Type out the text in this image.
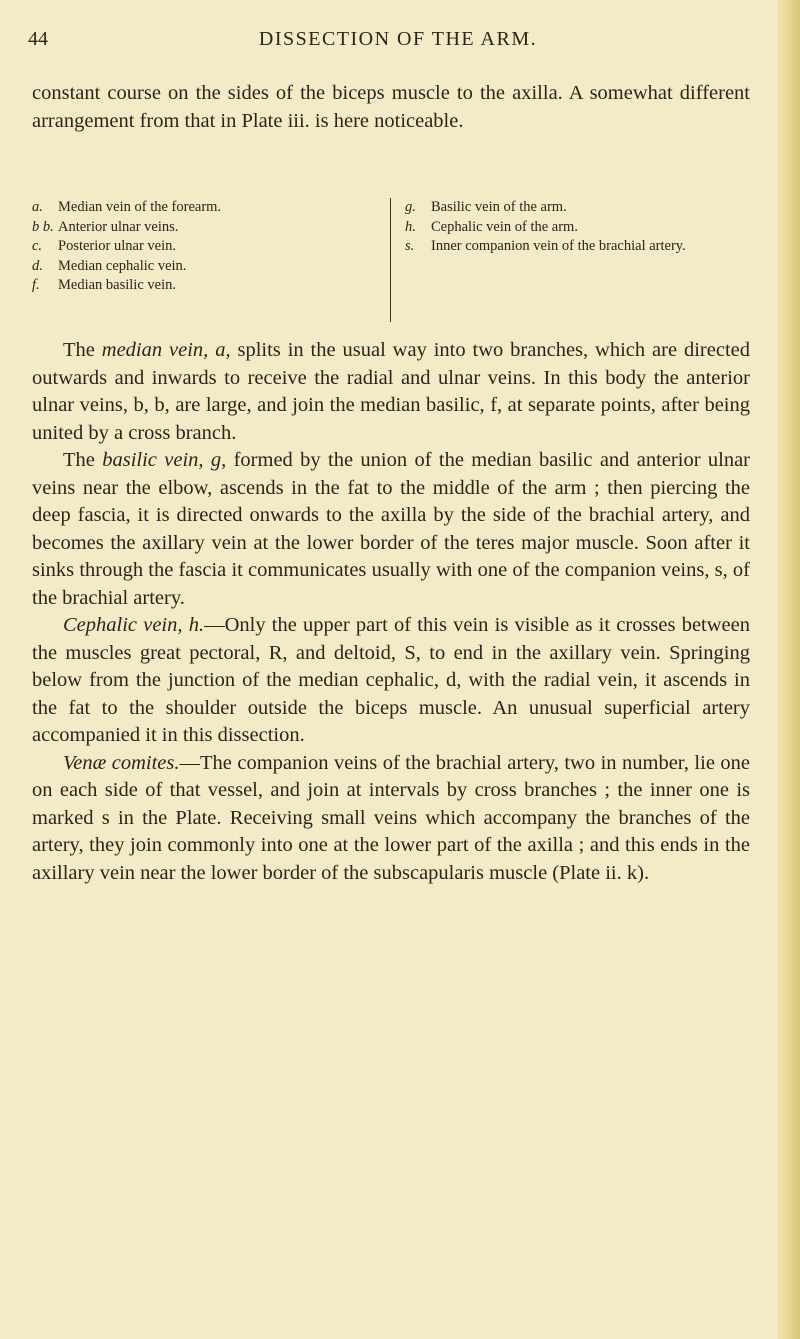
44	DISSECTION OF THE ARM.

constant course on the sides of the biceps muscle to the axilla. A somewhat different arrangement from that in Plate iii. is here noticeable.

a.	Median vein of the forearm.
b b. Anterior ulnar veins.
c.	Posterior ulnar vein.
d.	Median cephalic vein.
f.	Median basilic vein.
g.	Basilic vein of the arm.
h.	Cephalic vein of the arm.
s.	Inner companion vein of the brachial artery.

The median vein, a, splits in the usual way into two branches, which are directed outwards and inwards to receive the radial and ulnar veins. In this body the anterior ulnar veins, b, b, are large, and join the median basilic, f, at separate points, after being united by a cross branch.

The basilic vein, g, formed by the union of the median basilic and anterior ulnar veins near the elbow, ascends in the fat to the middle of the arm ; then piercing the deep fascia, it is directed onwards to the axilla by the side of the brachial artery, and becomes the axillary vein at the lower border of the teres major muscle. Soon after it sinks through the fascia it communicates usually with one of the companion veins, s, of the brachial artery.

Cephalic vein, h.—Only the upper part of this vein is visible as it crosses between the muscles great pectoral, R, and deltoid, S, to end in the axillary vein. Springing below from the junction of the median cephalic, d, with the radial vein, it ascends in the fat to the shoulder outside the biceps muscle. An unusual superficial artery accompanied it in this dissection.

Venæ comites.—The companion veins of the brachial artery, two in number, lie one on each side of that vessel, and join at intervals by cross branches ; the inner one is marked s in the Plate. Receiving small veins which accompany the branches of the artery, they join commonly into one at the lower part of the axilla ; and this ends in the axillary vein near the lower border of the subscapularis muscle (Plate ii. k).
